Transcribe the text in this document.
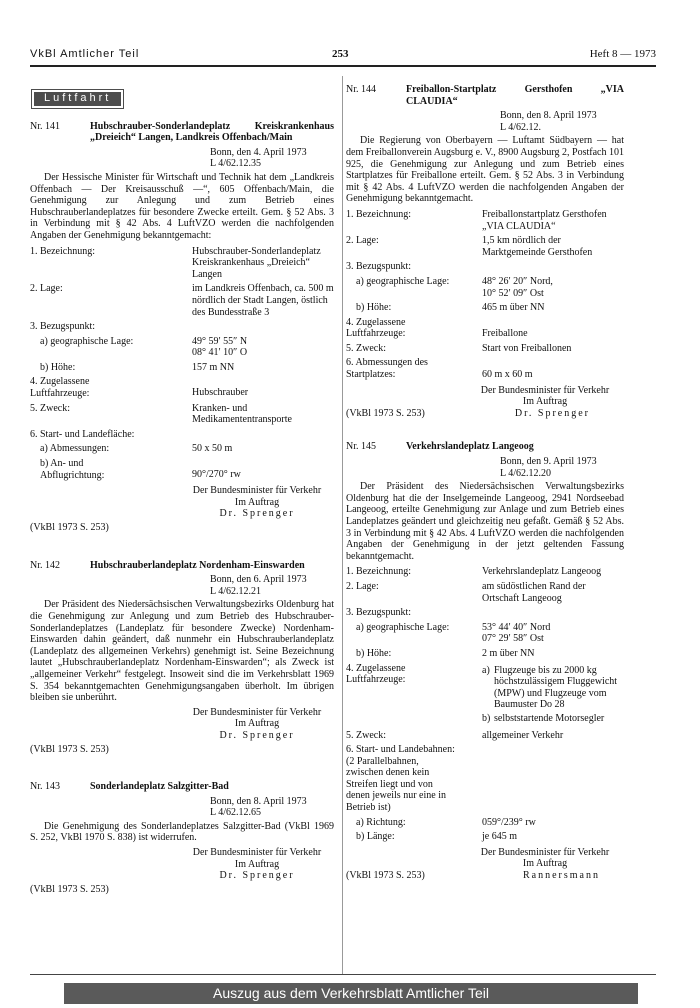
VkBl Amtlicher Teil	253	Heft 8 — 1973
Luftfahrt
Nr. 141	Hubschrauber-Sonderlandeplatz Kreiskrankenhaus „Dreieich“ Langen, Landkreis Offenbach/Main
Bonn, den 4. April 1973
L 4/62.12.35

Der Hessische Minister für Wirtschaft und Technik hat dem „Landkreis Offenbach — Der Kreisausschuß —“, 605 Offenbach/Main, die Genehmigung zur Anlegung und zum Betrieb eines Hubschrauberlandeplatzes für besondere Zwecke erteilt. Gem. § 52 Abs. 3 in Verbindung mit § 42 Abs. 4 LuftVZO werden die nachfolgenden Angaben der Genehmigung bekanntgemacht:

1. Bezeichnung:	Hubschrauber-Sonderlandeplatz Kreiskrankenhaus „Dreieich“ Langen
2. Lage:	im Landkreis Offenbach, ca. 500 m nördlich der Stadt Langen, östlich des Bundesstraße 3
3. Bezugspunkt:
a) geographische Lage:	49° 59′ 55″ N
08° 41′ 10″ O
b) Höhe:	157 m NN
4. Zugelassene
Luftfahrzeuge:	Hubschrauber
5. Zweck:	Kranken- und Medikamententransporte
6. Start- und Landefläche:
a) Abmessungen:	50 x 50 m
b) An- und
Abflugrichtung:	90°/270° rw
Der Bundesminister für Verkehr
Im Auftrag
Dr. Sprenger
(VkBl 1973 S. 253)
Nr. 142	Hubschrauberlandeplatz Nordenham-Einswarden
Bonn, den 6. April 1973
L 4/62.12.21

Der Präsident des Niedersächsischen Verwaltungsbezirks Oldenburg hat die Genehmigung zur Anlegung und zum Betrieb des Hubschrauber-Sonderlandeplatzes (Landeplatz für besondere Zwecke) Nordenham-Einswarden dahin geändert, daß nunmehr ein Hubschrauberlandeplatz (Landeplatz des allgemeinen Verkehrs) genehmigt ist. Seine Bezeichnung lautet „Hubschrauberlandeplatz Nordenham-Einswarden“; als Zweck ist „allgemeiner Verkehr“ festgelegt. Insoweit sind die im Verkehrsblatt 1969 S. 354 bekanntgemachten Genehmigungsangaben überholt. Im übrigen bleiben sie unberührt.

Der Bundesminister für Verkehr
Im Auftrag
Dr. Sprenger
(VkBl 1973 S. 253)
Nr. 143	Sonderlandeplatz Salzgitter-Bad
Bonn, den 8. April 1973
L 4/62.12.65

Die Genehmigung des Sonderlandeplatzes Salzgitter-Bad (VkBl 1969 S. 252, VkBl 1970 S. 838) ist widerrufen.

Der Bundesminister für Verkehr
Im Auftrag
Dr. Sprenger
(VkBl 1973 S. 253)
Nr. 144	Freiballon-Startplatz Gersthofen „VIA CLAUDIA“
Bonn, den 8. April 1973
L 4/62.12.

Die Regierung von Oberbayern — Luftamt Südbayern — hat dem Freiballonverein Augsburg e. V., 8900 Augsburg 2, Postfach 101 925, die Genehmigung zur Anlegung und zum Betrieb eines Startplatzes für Freiballone erteilt. Gem. § 52 Abs. 3 in Verbindung mit § 42 Abs. 4 LuftVZO werden die nachfolgenden Angaben der Genehmigung bekanntgemacht.

1. Bezeichnung:	Freiballonstartplatz Gersthofen „VIA CLAUDIA“
2. Lage:	1,5 km nördlich der Marktgemeinde Gersthofen
3. Bezugspunkt:
a) geographische Lage:	48° 26′ 20″ Nord,
10° 52′ 09″ Ost
b) Höhe:	465 m über NN
4. Zugelassene
Luftfahrzeuge:	Freiballone
5. Zweck:	Start von Freiballonen
6. Abmessungen des
Startplatzes:	
60 m x 60 m
Der Bundesminister für Verkehr
Im Auftrag
(VkBl 1973 S. 253)	Dr. Sprenger
Nr. 145	Verkehrslandeplatz Langeoog
Bonn, den 9. April 1973
L 4/62.12.20

Der Präsident des Niedersächsischen Verwaltungsbezirks Oldenburg hat die der Inselgemeinde Langeoog, 2941 Nordseebad Langeoog, erteilte Genehmigung zur Anlage und zum Betrieb eines Landeplatzes geändert und gleichzeitig neu gefaßt. Gemäß § 52 Abs. 3 in Verbindung mit § 42 Abs. 4 LuftVZO werden die nachfolgenden Angaben der Genehmigung in der jetzt geltenden Fassung bekanntgemacht.

1. Bezeichnung:	Verkehrslandeplatz Langeoog
2. Lage:	am südöstlichen Rand der Ortschaft Langeoog
3. Bezugspunkt:
a) geographische Lage:	53° 44′ 40″ Nord
07° 29′ 58″ Ost
b) Höhe:	2 m über NN
4. Zugelassene
Luftfahrzeuge:
a) Flugzeuge bis zu 2000 kg höchstzulässigem Fluggewicht (MPW) und Flugzeuge vom Baumuster Do 28
b) selbststartende Motorsegler
5. Zweck:	allgemeiner Verkehr
6. Start- und Landebahnen:
(2 Parallelbahnen, zwischen denen kein Streifen liegt und von denen jeweils nur eine in Betrieb ist)
a) Richtung:	059°/239° rw
b) Länge:	je 645 m
Der Bundesminister für Verkehr
Im Auftrag
(VkBl 1973 S. 253)	Rannersmann
Auszug aus dem Verkehrsblatt Amtlicher Teil
